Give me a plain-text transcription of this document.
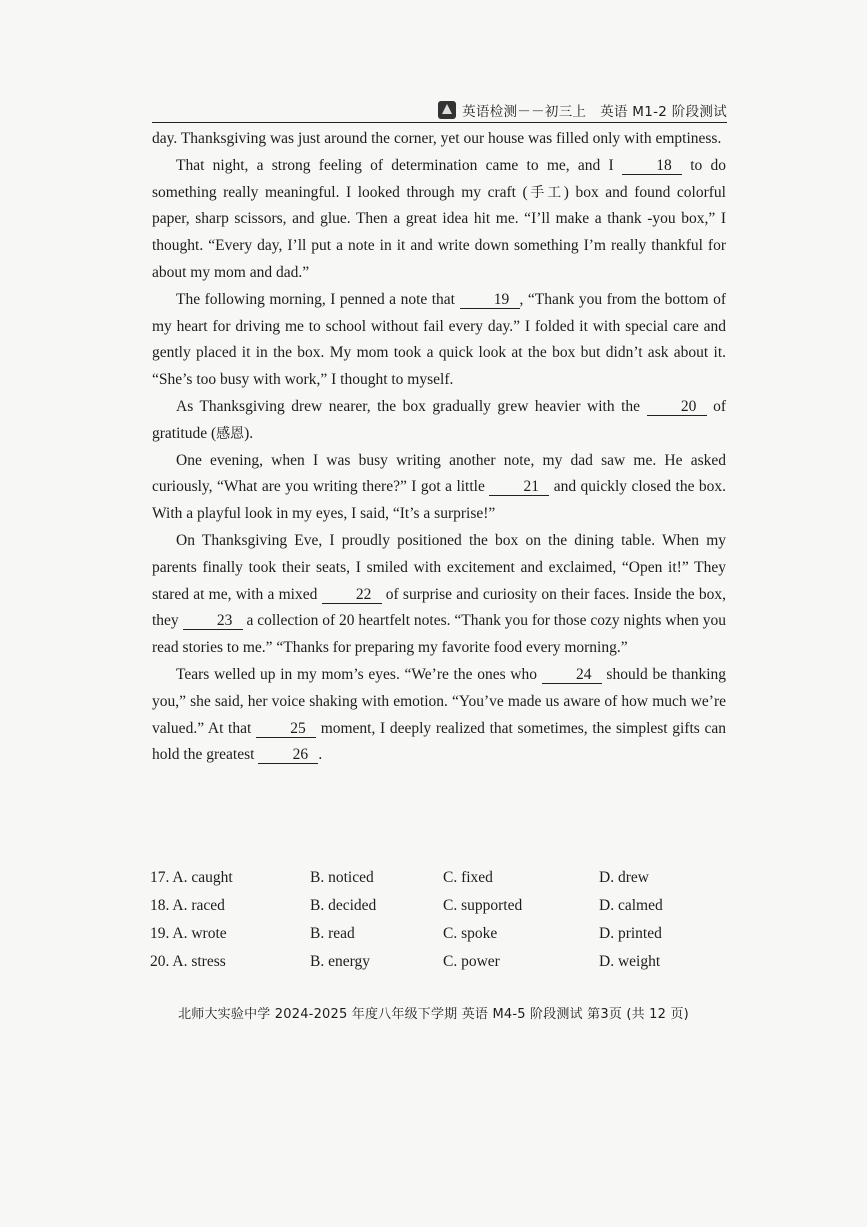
英语检测－－初三上　英语 M1-2 阶段测试

day. Thanksgiving was just around the corner, yet our house was filled only with emptiness.

That night, a strong feeling of determination came to me, and I	18 to do something really meaningful. I looked through my craft (手工) box and found colorful paper, sharp scissors, and glue. Then a great idea hit me. “I’ll make a thank -you box,” I thought. “Every day, I’ll put a note in it and write down something I’m really thankful for about my mom and dad.”

The following morning, I penned a note that	19 , “Thank you from the bottom of my heart for driving me to school without fail every day.” I folded it with special care and gently placed it in the box. My mom took a quick look at the box but didn’t ask about it. “She’s too busy with work,” I thought to myself.

As Thanksgiving drew nearer, the box gradually grew heavier with the	20 of gratitude (感恩).

One evening, when I was busy writing another note, my dad saw me. He asked curiously, “What are you writing there?” I got a little 21 and quickly closed the box. With a playful look in my eyes, I said, “It’s a surprise!”

On Thanksgiving Eve, I proudly positioned the box on the dining table. When my parents finally took their seats, I smiled with excitement and exclaimed, “Open it!” They stared at me, with a mixed 22 of surprise and curiosity on their faces. Inside the box, they 23 a collection of 20 heartfelt notes. “Thank you for those cozy nights when you read stories to me.” “Thanks for preparing my favorite food every morning.”

Tears welled up in my mom’s eyes. “We’re the ones who	24 should be thanking you,” she said, her voice shaking with emotion. “You’ve made us aware of how much we’re valued.” At that	25 moment, I deeply realized that sometimes, the simplest gifts can hold the greatest 26 .

17. A. caught	B. noticed	C. fixed	D. drew
18. A. raced	B. decided	C. supported	D. calmed
19. A. wrote	B. read	C. spoke	D. printed
20. A. stress	B. energy	C. power	D. weight
北师大实验中学 2024-2025 年度八年级下学期 英语 M4-5 阶段测试 第3页 (共 12 页)
